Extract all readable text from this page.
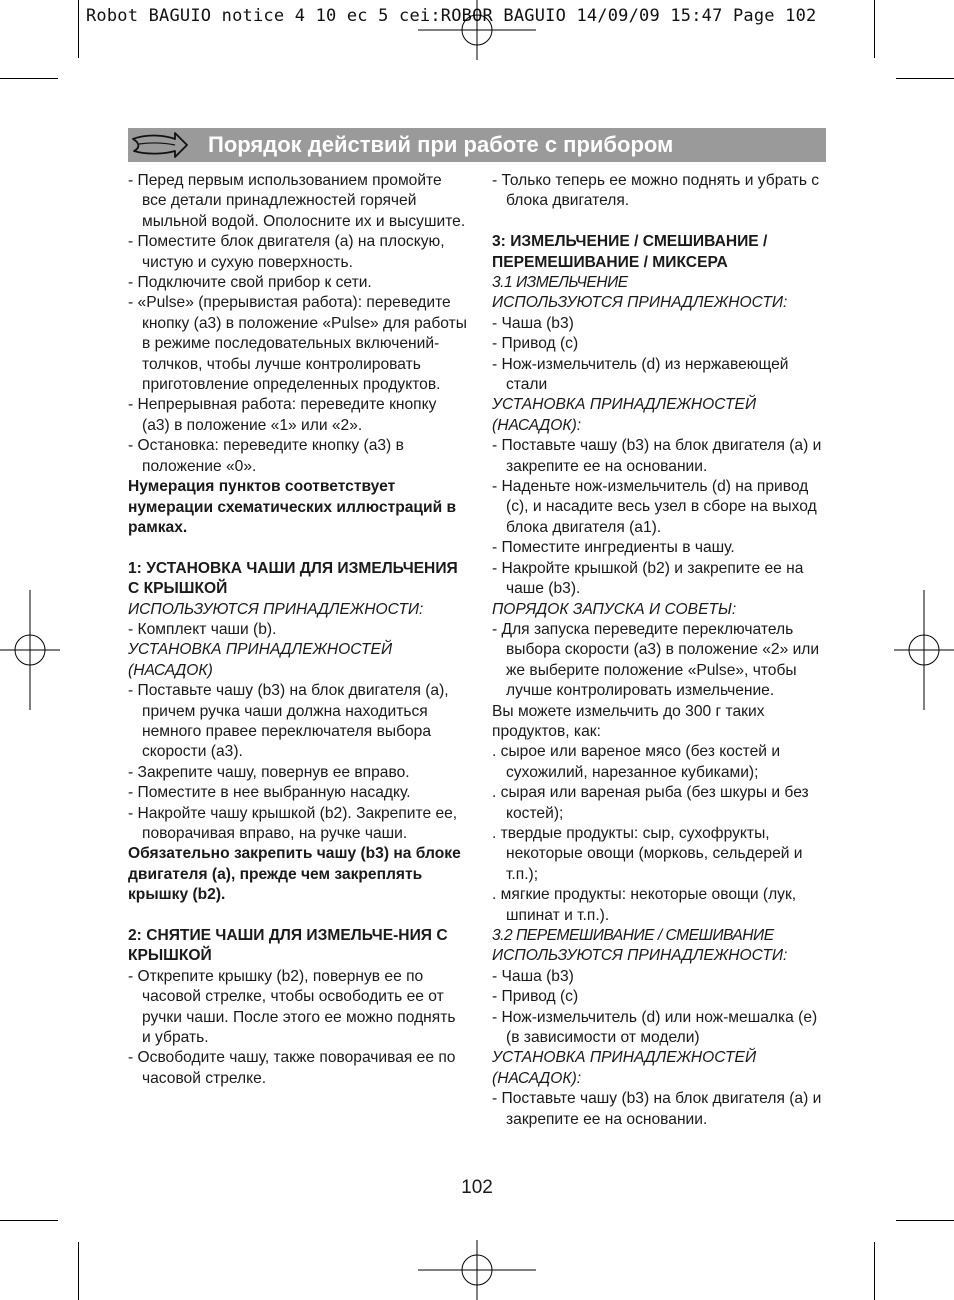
Robot BAGUIO notice 4 10 ec 5 cei:ROBOR BAGUIO 14/09/09 15:47 Page 102
Порядок действий при работе с прибором

- Перед первым использованием промойте все детали принадлежностей горячей мыльной водой. Ополосните их и высушите.

- Поместите блок двигателя (a) на плоскую, чистую и сухую поверхность.

- Подключите свой прибор к сети.

- «Pulse» (прерывистая работа): переведите кнопку (a3) в положение «Pulse» для работы в режиме последовательных включений-толчков, чтобы лучше контролировать приготовление определенных продуктов.

- Непрерывная работа: переведите кнопку (a3) в положение «1» или «2».

- Остановка: переведите кнопку (a3) в положение «0».

Нумерация пунктов соответствует нумерации схематических иллюстраций в рамках.

1: УСТАНОВКА ЧАШИ ДЛЯ ИЗМЕЛЬЧЕНИЯ С КРЫШКОЙ

ИСПОЛЬЗУЮТСЯ ПРИНАДЛЕЖНОСТИ:

- Комплект чаши (b).

УСТАНОВКА ПРИНАДЛЕЖНОСТЕЙ (НАСАДОК)

- Поставьте чашу (b3) на блок двигателя (a), причем ручка чаши должна находиться немного правее переключателя выбора скорости (a3).

- Закрепите чашу, повернув ее вправо.

- Поместите в нее выбранную насадку.

- Накройте чашу крышкой (b2). Закрепите ее, поворачивая вправо, на ручке чаши.

Обязательно закрепить чашу (b3) на блоке двигателя (a), прежде чем закреплять крышку (b2).

2: СНЯТИЕ ЧАШИ ДЛЯ ИЗМЕЛЬЧЕ-НИЯ С КРЫШКОЙ

- Открепите крышку (b2), повернув ее по часовой стрелке, чтобы освободить ее от ручки чаши. После этого ее можно поднять и убрать.

- Освободите чашу, также поворачивая ее по часовой стрелке.

- Только теперь ее можно поднять и убрать с блока двигателя.

3: ИЗМЕЛЬЧЕНИЕ / СМЕШИВАНИЕ / ПЕРЕМЕШИВАНИЕ / МИКСЕРА

3.1 ИЗМЕЛЬЧЕНИЕ

ИСПОЛЬЗУЮТСЯ ПРИНАДЛЕЖНОСТИ:

- Чаша (b3)

- Привод (c)

- Нож-измельчитель (d) из нержавеющей стали

УСТАНОВКА ПРИНАДЛЕЖНОСТЕЙ (НАСАДОК):

- Поставьте чашу (b3) на блок двигателя (a) и закрепите ее на основании.

- Наденьте нож-измельчитель (d) на привод (c), и насадите весь узел в сборе на выход блока двигателя (a1).

- Поместите ингредиенты в чашу.

- Накройте крышкой (b2) и закрепите ее на чаше (b3).

ПОРЯДОК ЗАПУСКА И СОВЕТЫ:

- Для запуска переведите переключатель выбора скорости (a3) в положение «2» или же выберите положение «Pulse», чтобы лучше контролировать измельчение.

Вы можете измельчить до 300 г таких продуктов, как:

. сырое или вареное мясо (без костей и сухожилий, нарезанное кубиками);

. сырая или вареная рыба (без шкуры и без костей);

. твердые продукты: сыр, сухофрукты, некоторые овощи (морковь, сельдерей и т.п.);

. мягкие продукты: некоторые овощи (лук, шпинат и т.п.).

3.2 ПЕРЕМЕШИВАНИЕ / СМЕШИВАНИЕ

ИСПОЛЬЗУЮТСЯ ПРИНАДЛЕЖНОСТИ:

- Чаша (b3)

- Привод (c)

- Нож-измельчитель (d) или нож-мешалка (e) (в зависимости от модели)

УСТАНОВКА ПРИНАДЛЕЖНОСТЕЙ (НАСАДОК):

- Поставьте чашу (b3) на блок двигателя (a) и закрепите ее на основании.

102
